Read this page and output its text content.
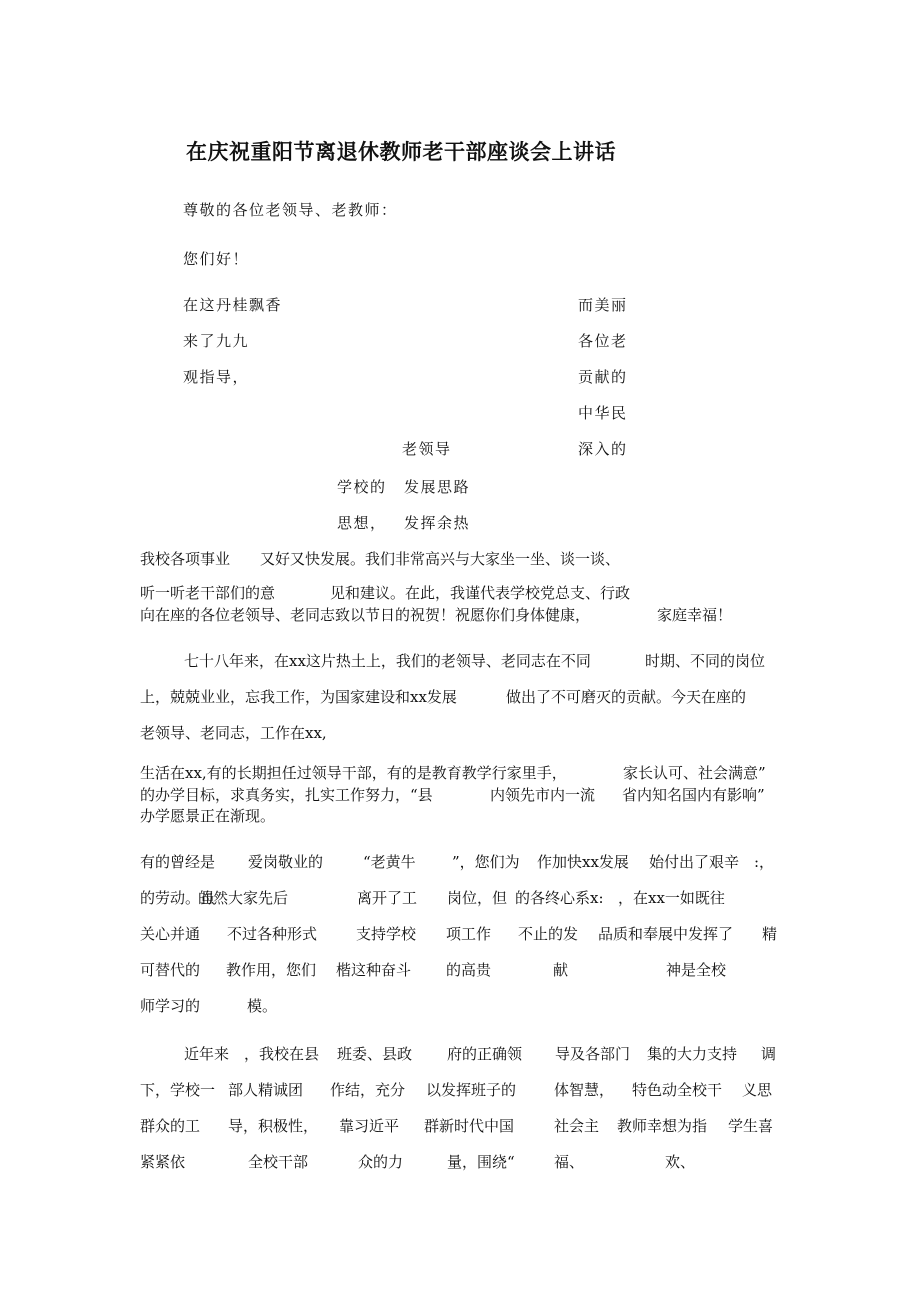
在庆祝重阳节离退休教师老干部座谈会上讲话
尊敬的各位老领导、老教师：
您们好！
在这丹桂飘香
来了九九
观指导，
而美丽
各位老
贡献的
中华民
深入的
老领导
学校的 发展思路
思想， 发挥余热
我校各项事业 又好又快发展。我们非常高兴与大家坐一坐、谈一谈、
听一听老干部们的意	见和建议。在此，我谨代表学校党总支、行政
向在座的各位老领导、老同志致以节日的祝贺！祝愿你们身体健康，	家庭幸福！
七十八年来，在xx这片热土上，我们的老领导、老同志在不同	时期、不同的岗位
上，兢兢业业，忘我工作，为国家建设和xx发展	做出了不可磨灭的贡献。今天在座的
老领导、老同志，工作在xx,
生活在xx,有的长期担任过领导干部，有的是教育教学行家里手，	家长认可、社会满意”
的办学目标，求真务实，扎实工作努力，“县	内领先市内一流 省内知名国内有影响”
办学愿景正在渐现。
有的曾经是 爱岗敬业的	“老黄牛 ”，您们为 作加快xx发展 始付出了艰辛 :，
的劳动。虽
的然大家先后	离开了工 岗位，但 的各终心系x: ，在xx一如既往
关心并通 不过各种形式	支持学校 项工作 不止的发 品质和奉展中发挥了 精
可替代的 教作用，您们 楷这种奋斗 的高贵	献	神是全校
师学习的	模。
近年来 ，我校在县 班委、县政 府的正确领 导及各部门 集的大力支持 调
下，学校一 部人精诚团 作结，充分 以发挥班子的	体智慧， 特色动全校干 义思
群众的工 导，积极性， 靠习近平 群新时代中国	社会主 教师幸想为指 学生喜
紧紧依	全校干部	众的力	量，围绕“	福、	欢、
